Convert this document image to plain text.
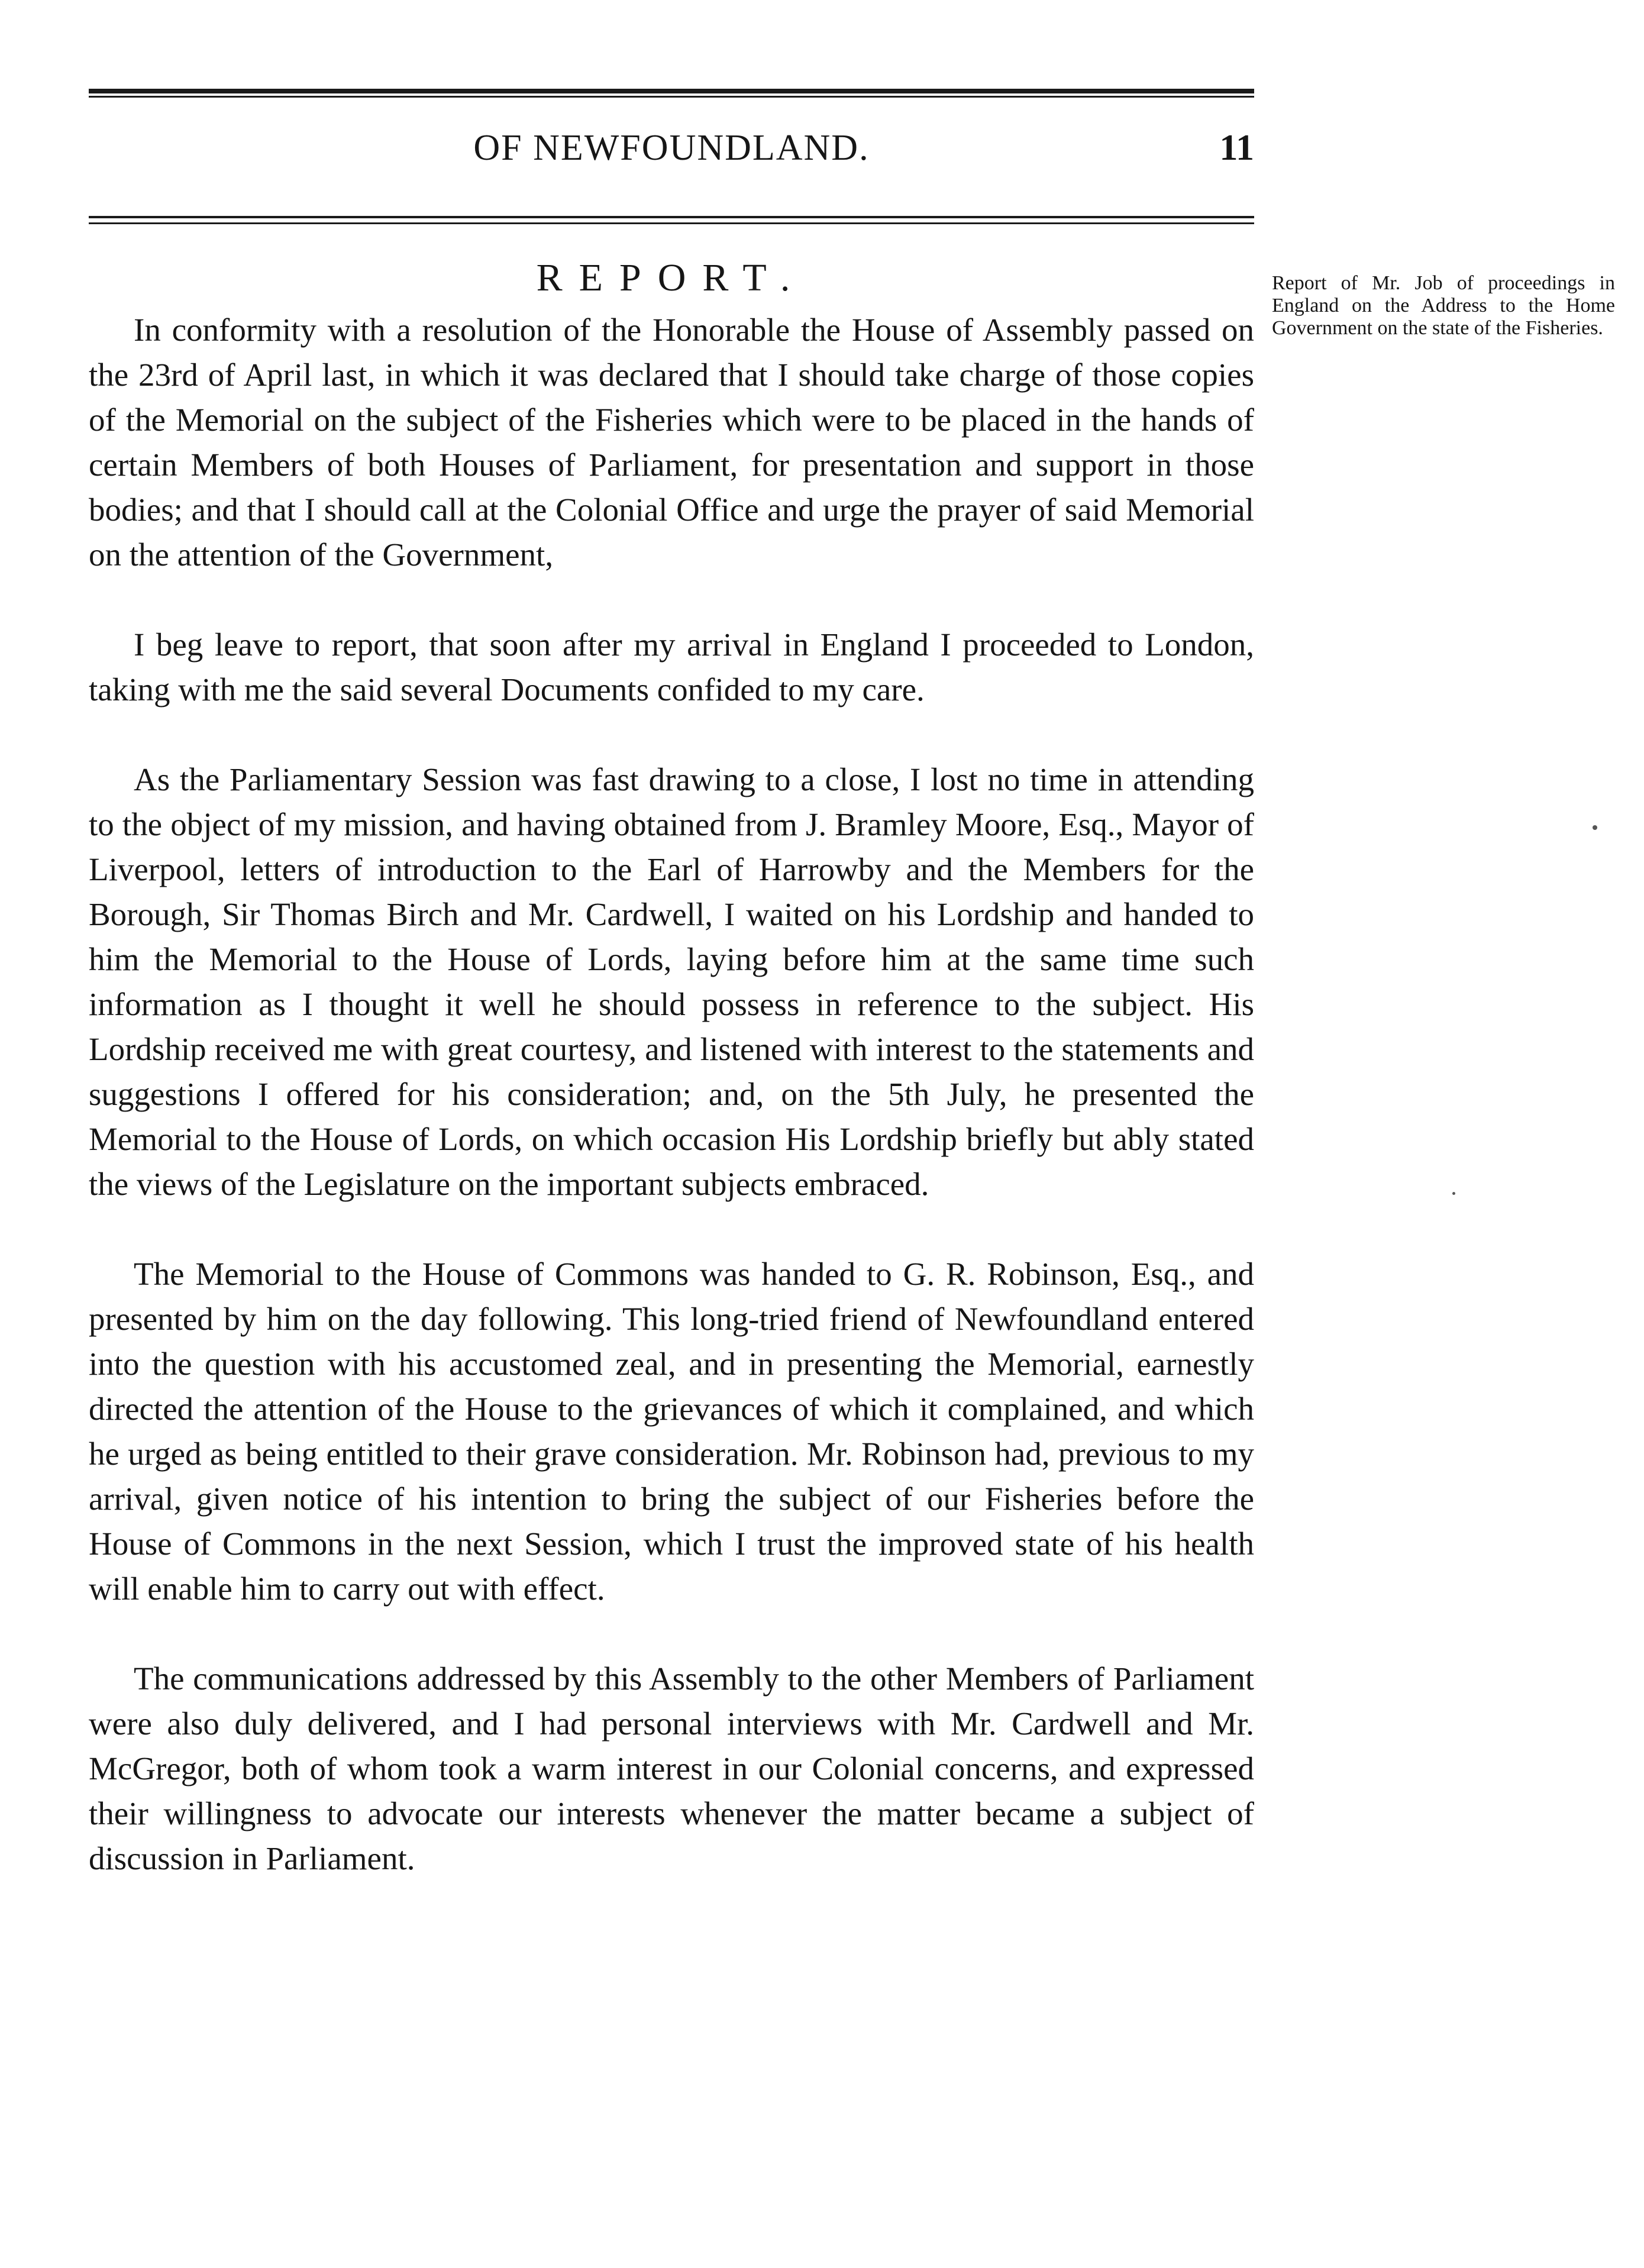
OF NEWFOUNDLAND.	11
REPORT.	Report of Mr. Job of proceedings in England on the Address to the Home Government on the state of the Fisheries.

In conformity with a resolution of the Honorable the House of Assembly passed on the 23rd of April last, in which it was declared that I should take charge of those copies of the Memorial on the subject of the Fisheries which were to be placed in the hands of certain Members of both Houses of Parliament, for presentation and support in those bodies; and that I should call at the Colonial Office and urge the prayer of said Memorial on the attention of the Government,

I beg leave to report, that soon after my arrival in England I proceeded to London, taking with me the said several Documents confided to my care.

As the Parliamentary Session was fast drawing to a close, I lost no time in attending to the object of my mission, and having obtained from J. Bramley Moore, Esq., Mayor of Liverpool, letters of introduction to the Earl of Harrowby and the Members for the Borough, Sir Thomas Birch and Mr. Cardwell, I waited on his Lordship and handed to him the Memorial to the House of Lords, laying before him at the same time such information as I thought it well he should possess in reference to the subject. His Lordship received me with great courtesy, and listened with interest to the statements and suggestions I offered for his consideration; and, on the 5th July, he presented the Memorial to the House of Lords, on which occasion His Lordship briefly but ably stated the views of the Legislature on the important subjects embraced.

The Memorial to the House of Commons was handed to G. R. Robinson, Esq., and presented by him on the day following. This long-tried friend of Newfoundland entered into the question with his accustomed zeal, and in presenting the Memorial, earnestly directed the attention of the House to the grievances of which it complained, and which he urged as being entitled to their grave consideration. Mr. Robinson had, previous to my arrival, given notice of his intention to bring the subject of our Fisheries before the House of Commons in the next Session, which I trust the improved state of his health will enable him to carry out with effect.

The communications addressed by this Assembly to the other Members of Parliament were also duly delivered, and I had personal interviews with Mr. Cardwell and Mr. McGregor, both of whom took a warm interest in our Colonial concerns, and expressed their willingness to advocate our interests whenever the matter became a subject of discussion in Parliament.
